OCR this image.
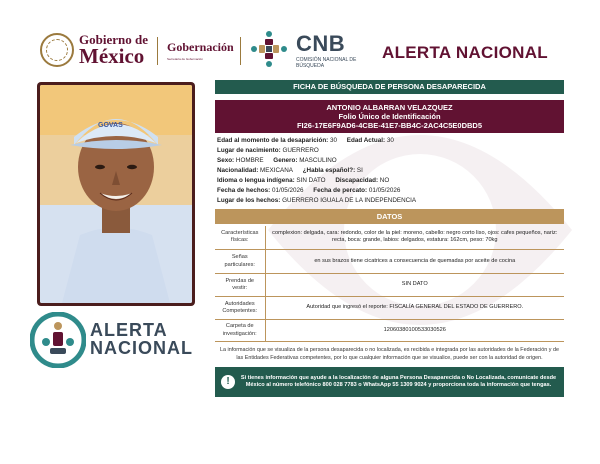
Gobierno de
México	Gobernación
Secretaría de Gobernación
CNB
COMISIÓN NACIONAL DE BÚSQUEDA
ALERTA NACIONAL
GOVAS
ALERTA
NACIONAL
FICHA DE BÚSQUEDA DE PERSONA DESAPARECIDA
ANTONIO ALBARRAN VELAZQUEZ
Folio Único de Identificación
FI26-17E6F9AD6-4CBE-41E7-BB4C-2AC4C5E0DBD5
Edad al momento de la desaparición: 30 Edad Actual: 30
Lugar de nacimiento: GUERRERO
Sexo: HOMBRE Genero: MASCULINO
Nacionalidad: MEXICANA ¿Habla español?: SI
Idioma o lengua indígena: SIN DATO Discapacidad: NO
Fecha de hechos: 01/05/2026 Fecha de percato: 01/05/2026
Lugar de los hechos: GUERRERO IGUALA DE LA INDEPENDENCIA
DATOS
Características físicas:	complexion: delgada, cara: redondo, color de la piel: moreno, cabello: negro corto liso, ojos: cafes pequeños, nariz: recta, boca: grande, labios: delgados, estatura: 162cm, peso: 70kg
Señas particulares:	en sus brazos tiene cicatrices a consecuencia de quemadas por aceite de cocina
Prendas de vestir:	SIN DATO
Autoridades Competentes:	Autoridad que ingresó el reporte: FISCALÍA GENERAL DEL ESTADO DE GUERRERO.
Carpeta de investigación:	12060380100533030526
La información que se visualiza de la persona desaparecida o no localizada, es recibida e integrada por las autoridades de la Federación y de las Entidades Federativas competentes, por lo que cualquier información que se visualice, puede ser con la autoridad de origen.
!	Si tienes información que ayude a la localización de alguna Persona Desaparecida o No Localizada, comunicate desde México al número telefónico 800 028 7783 o WhatsApp 55 1309 9024 y proporciona toda la información que tengas.
